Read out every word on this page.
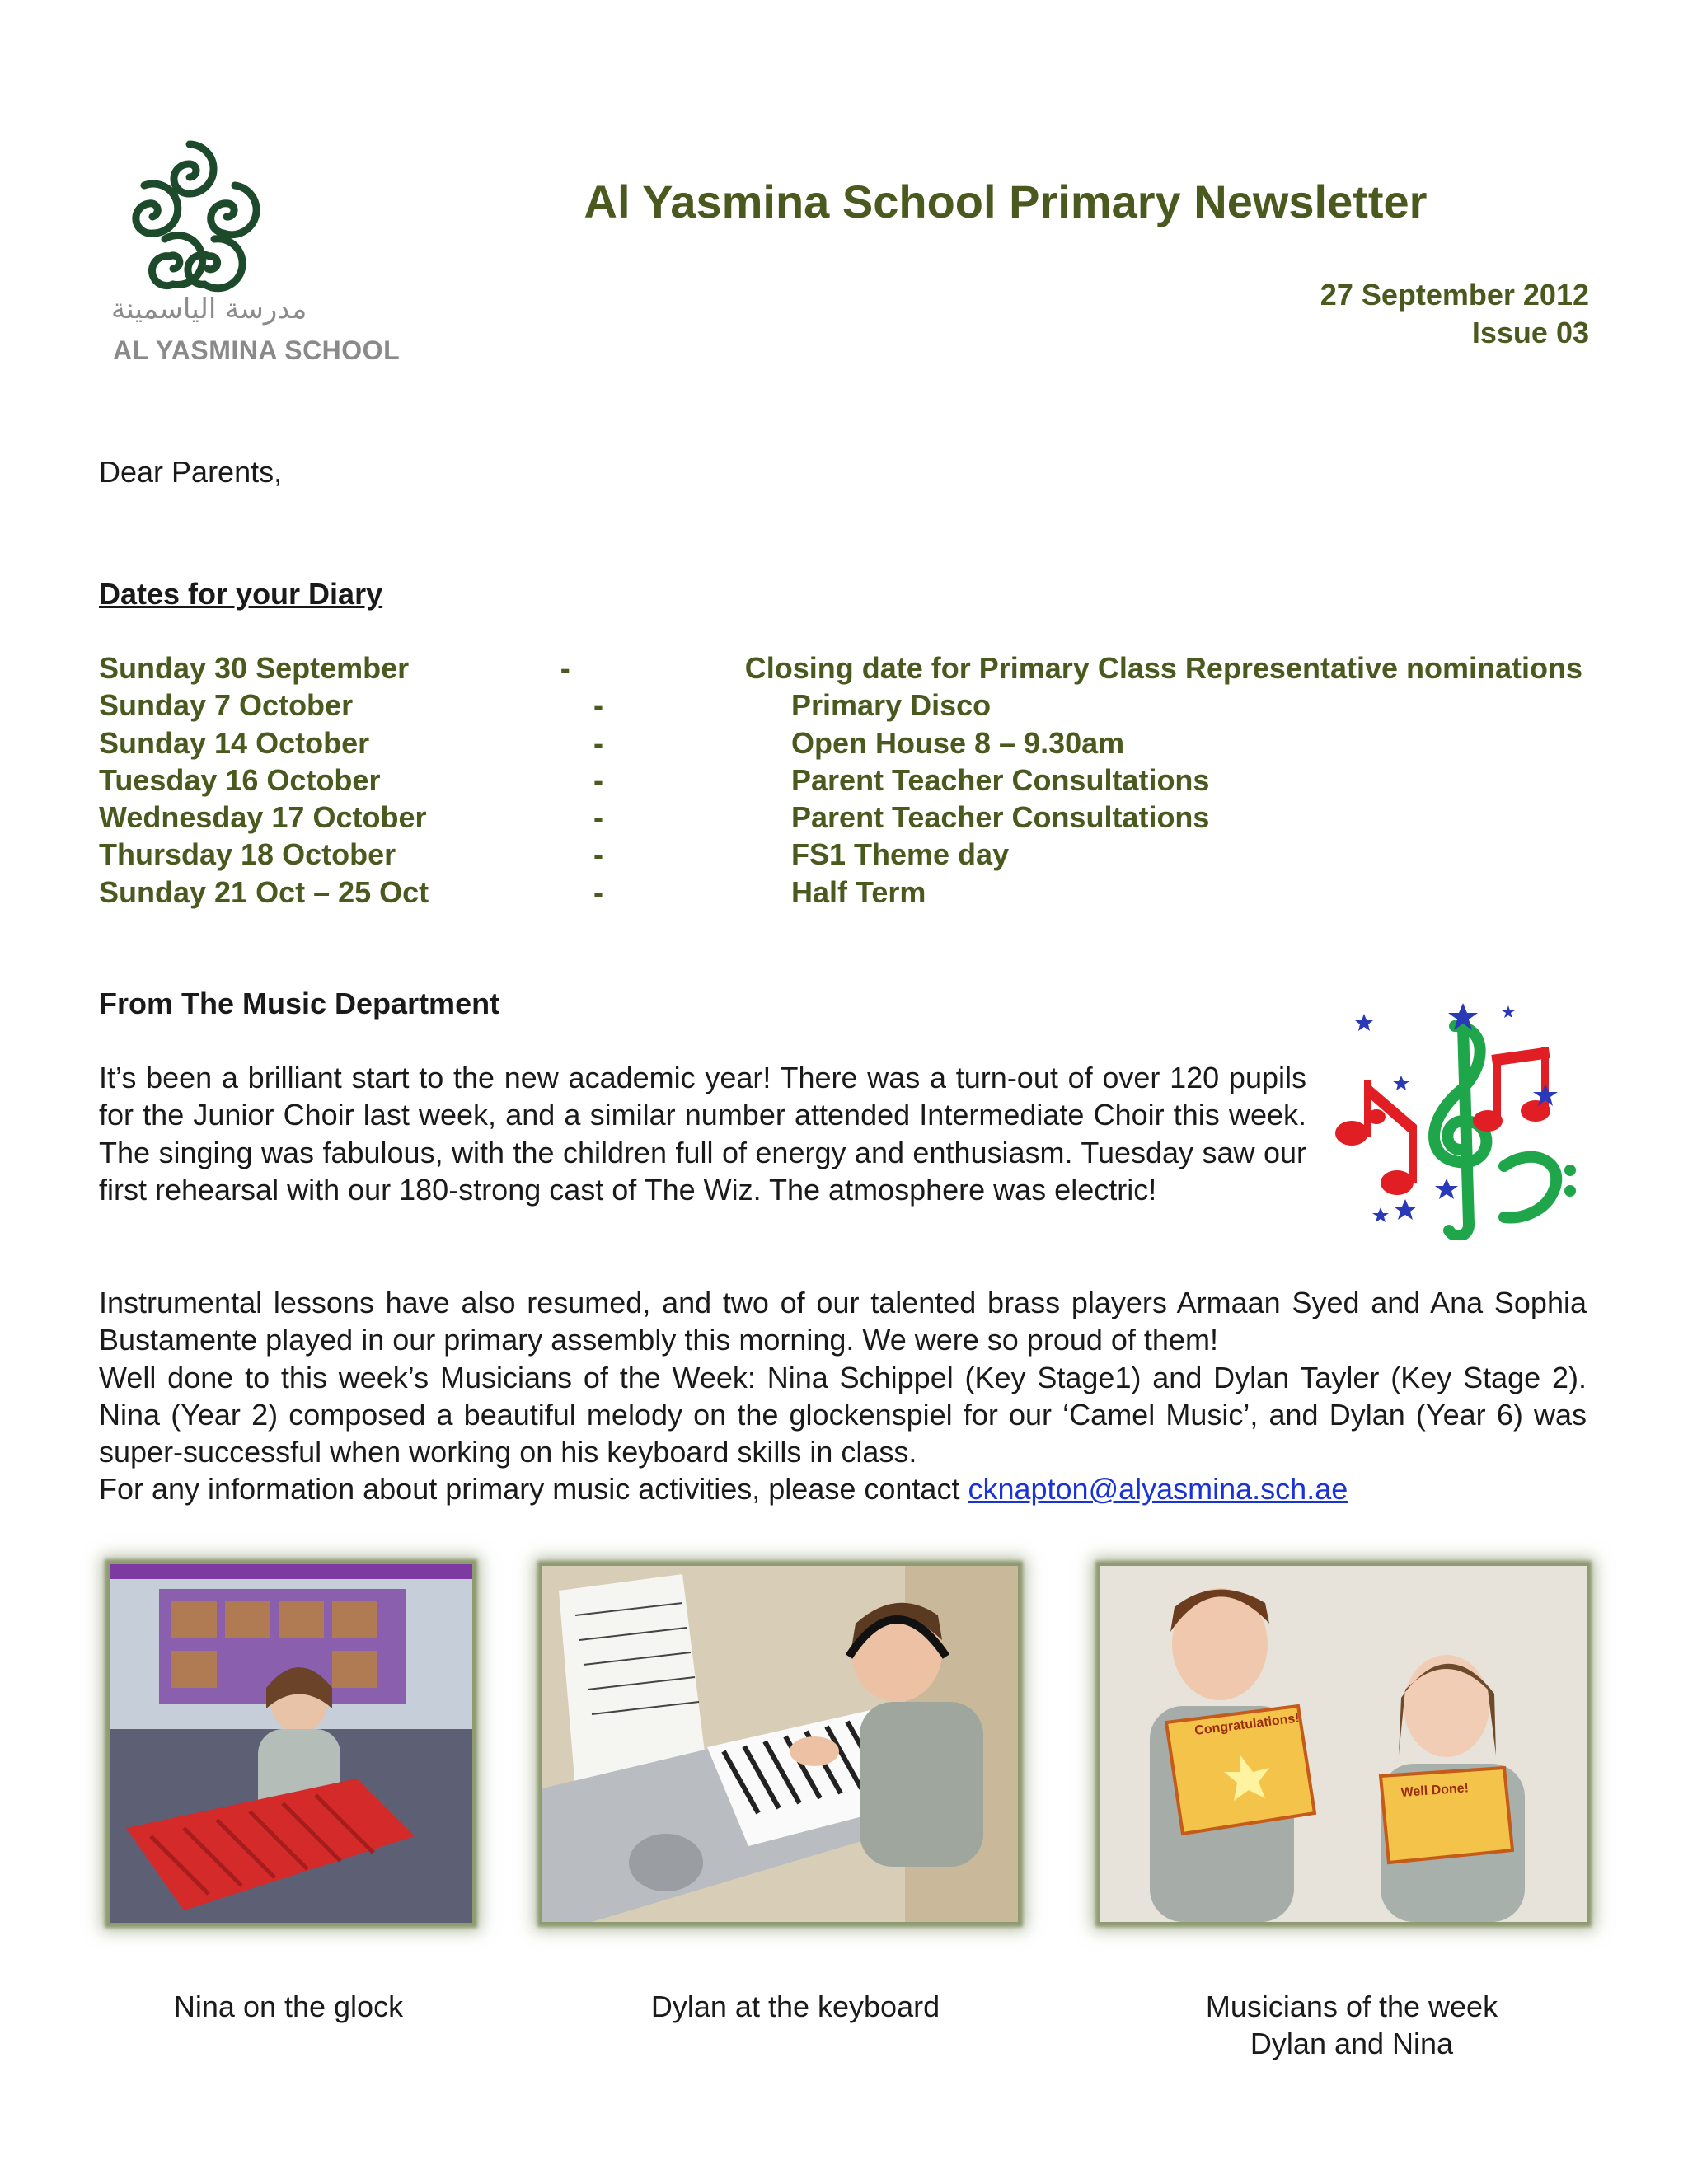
مدرسة الياسمينة
AL YASMINA SCHOOL
Al Yasmina School Primary Newsletter
27 September 2012
Issue 03
Dear Parents,
Dates for your Diary
Sunday 30 September	-	Closing date for Primary Class Representative nominations
Sunday 7 October	-	Primary Disco
Sunday 14 October	-	Open House 8 – 9.30am
Tuesday 16 October	-	Parent Teacher Consultations
Wednesday 17 October	-	Parent Teacher Consultations
Thursday 18 October	-	FS1 Theme day
Sunday 21 Oct – 25 Oct	-	Half Term
From The Music Department
It’s been a brilliant start to the new academic year! There was a turn-out of over 120 pupils for the Junior Choir last week, and a similar number attended Intermediate Choir this week. The singing was fabulous, with the children full of energy and enthusiasm. Tuesday saw our first rehearsal with our 180-strong cast of The Wiz. The atmosphere was electric!

Instrumental lessons have also resumed, and two of our talented brass players Armaan Syed and Ana Sophia Bustamente played in our primary assembly this morning. We were so proud of them!

Well done to this week’s Musicians of the Week: Nina Schippel (Key Stage1) and Dylan Tayler (Key Stage 2). Nina (Year 2) composed a beautiful melody on the glockenspiel for our ‘Camel Music’, and Dylan (Year 6) was super-successful when working on his keyboard skills in class.

For any information about primary music activities, please contact cknapton@alyasmina.sch.ae

Congratulations!
Well Done!
Nina on the glock	Dylan at the keyboard	Musicians of the week
Dylan and Nina
